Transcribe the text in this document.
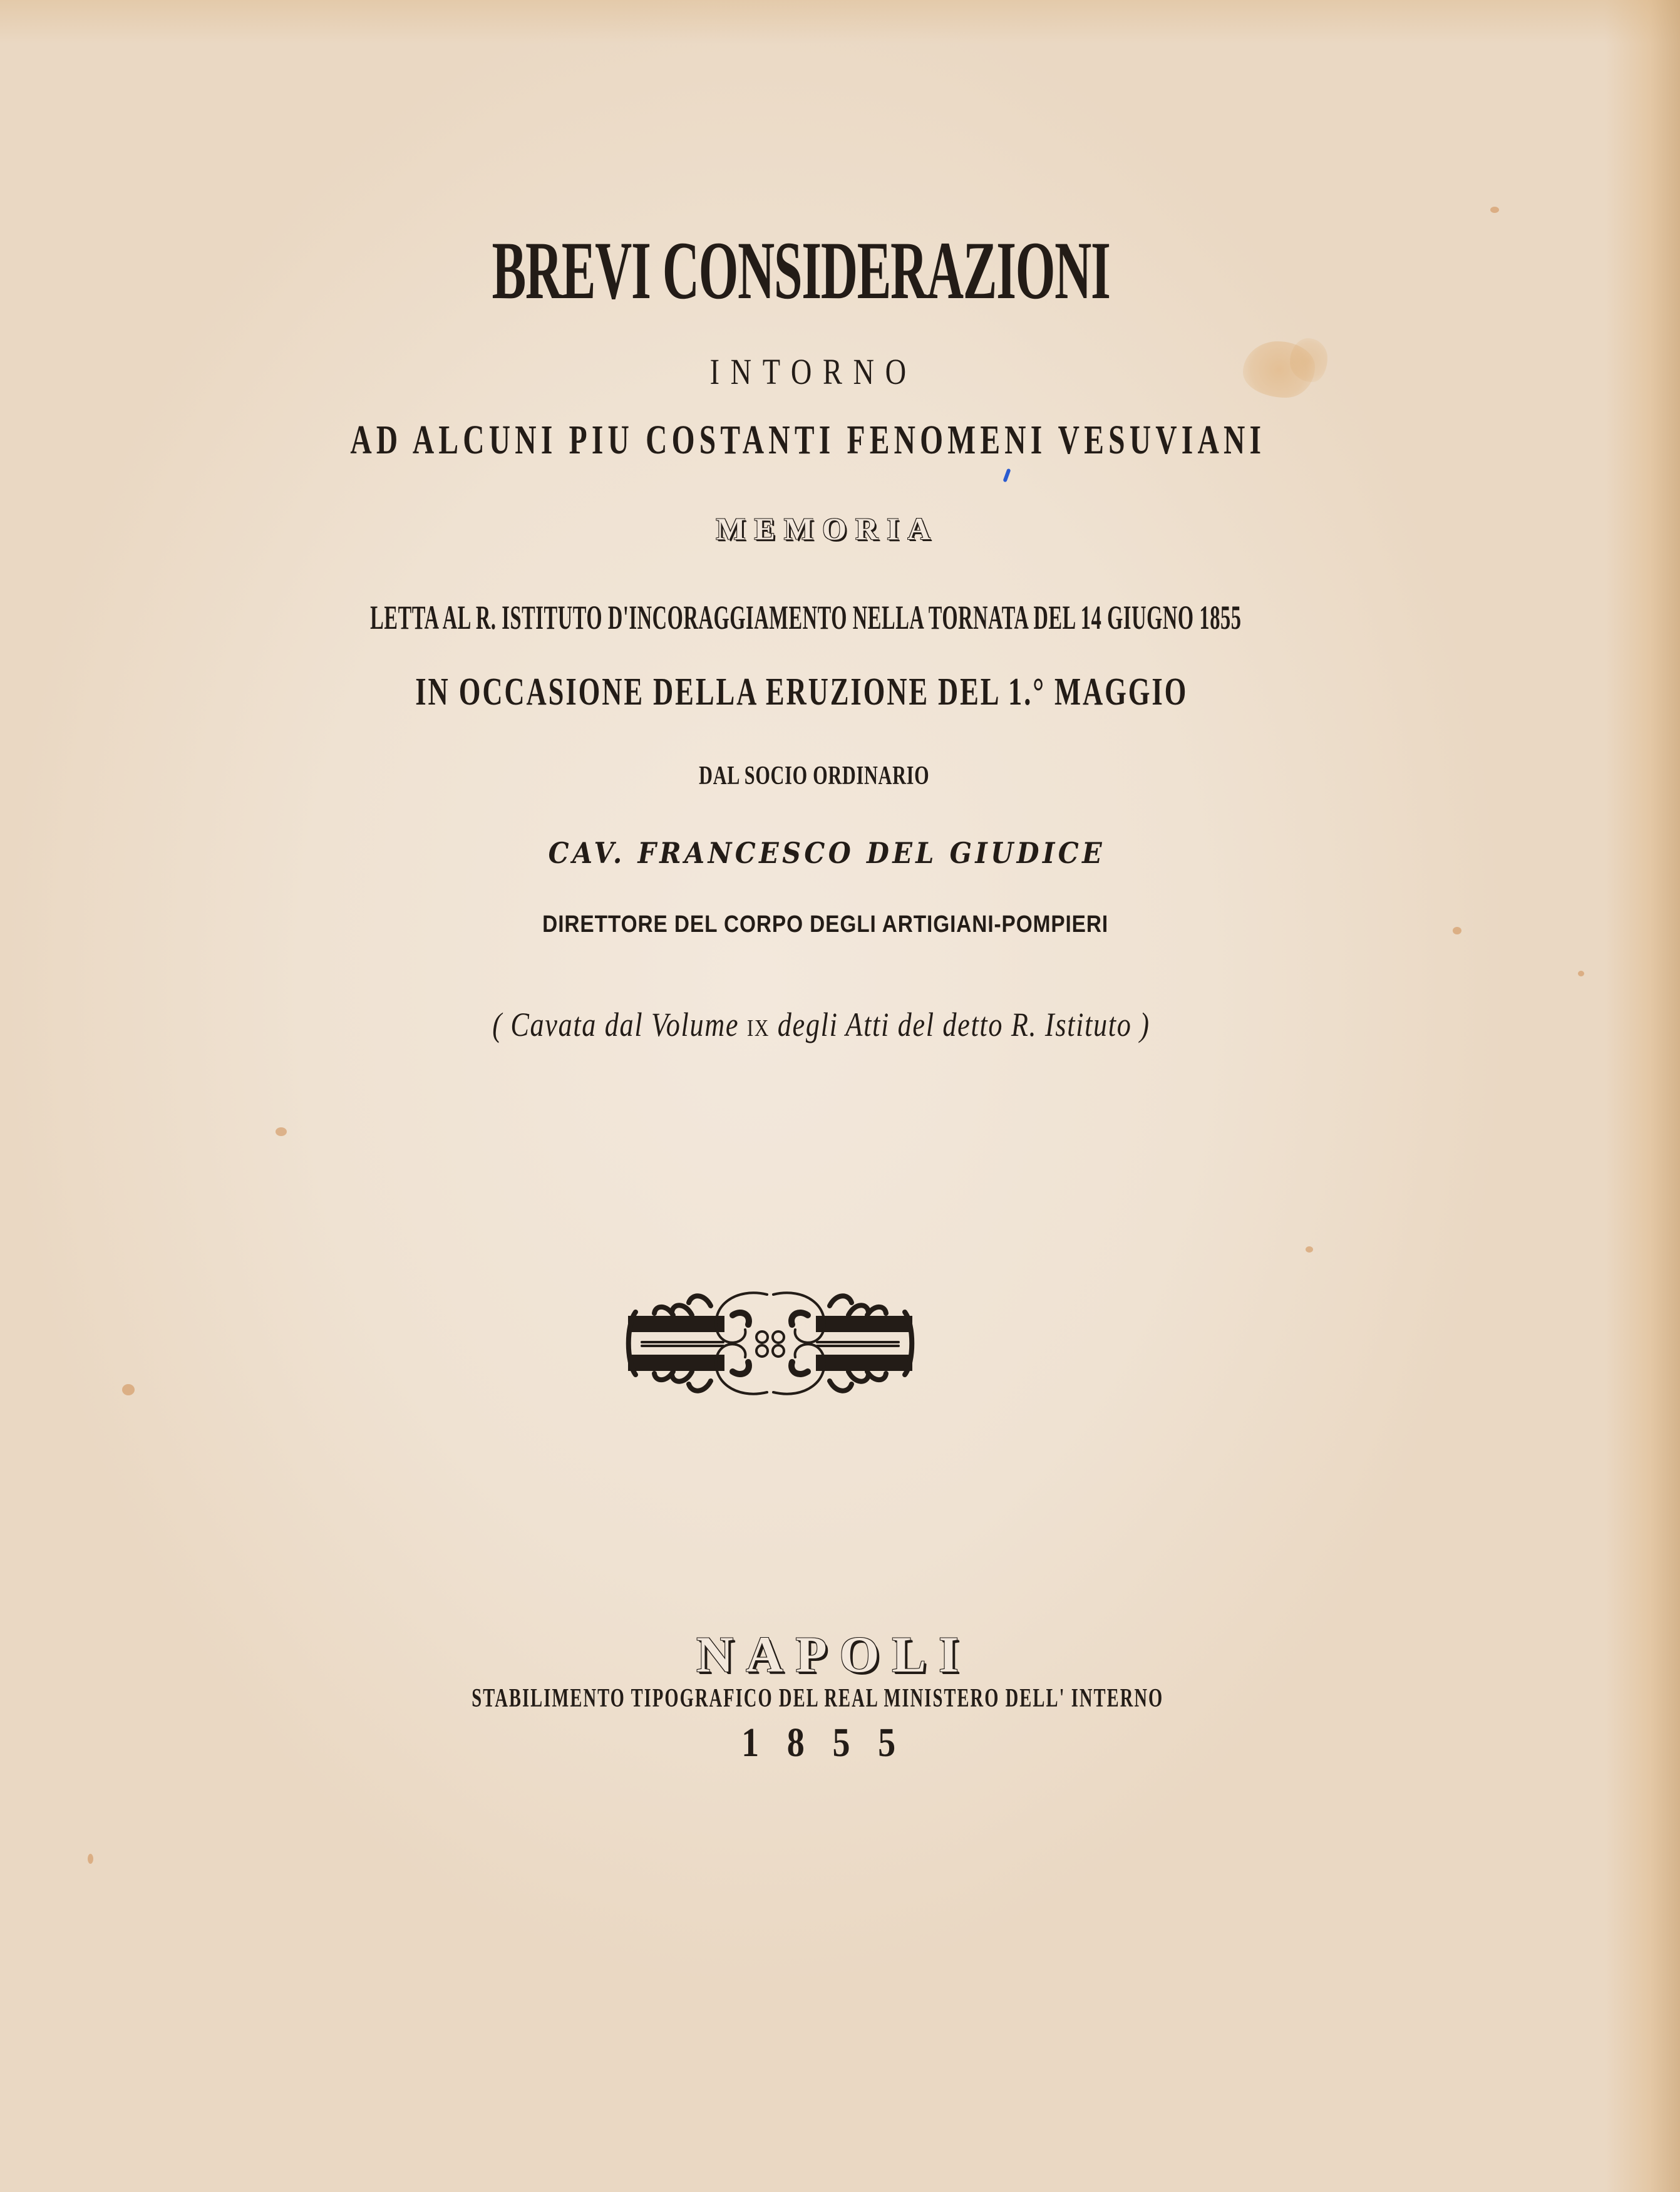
BREVI CONSIDERAZIONI
INTORNO
AD ALCUNI PIU COSTANTI FENOMENI VESUVIANI
MEMORIA
LETTA AL R. ISTITUTO D'INCORAGGIAMENTO NELLA TORNATA DEL 14 GIUGNO 1855
IN OCCASIONE DELLA ERUZIONE DEL 1.° MAGGIO
DAL SOCIO ORDINARIO
CAV. FRANCESCO DEL GIUDICE
DIRETTORE DEL CORPO DEGLI ARTIGIANI-POMPIERI
( Cavata dal Volume ix degli Atti del detto R. Istituto )
NAPOLI
STABILIMENTO TIPOGRAFICO DEL REAL MINISTERO DELL' INTERNO
1 8 5 5
